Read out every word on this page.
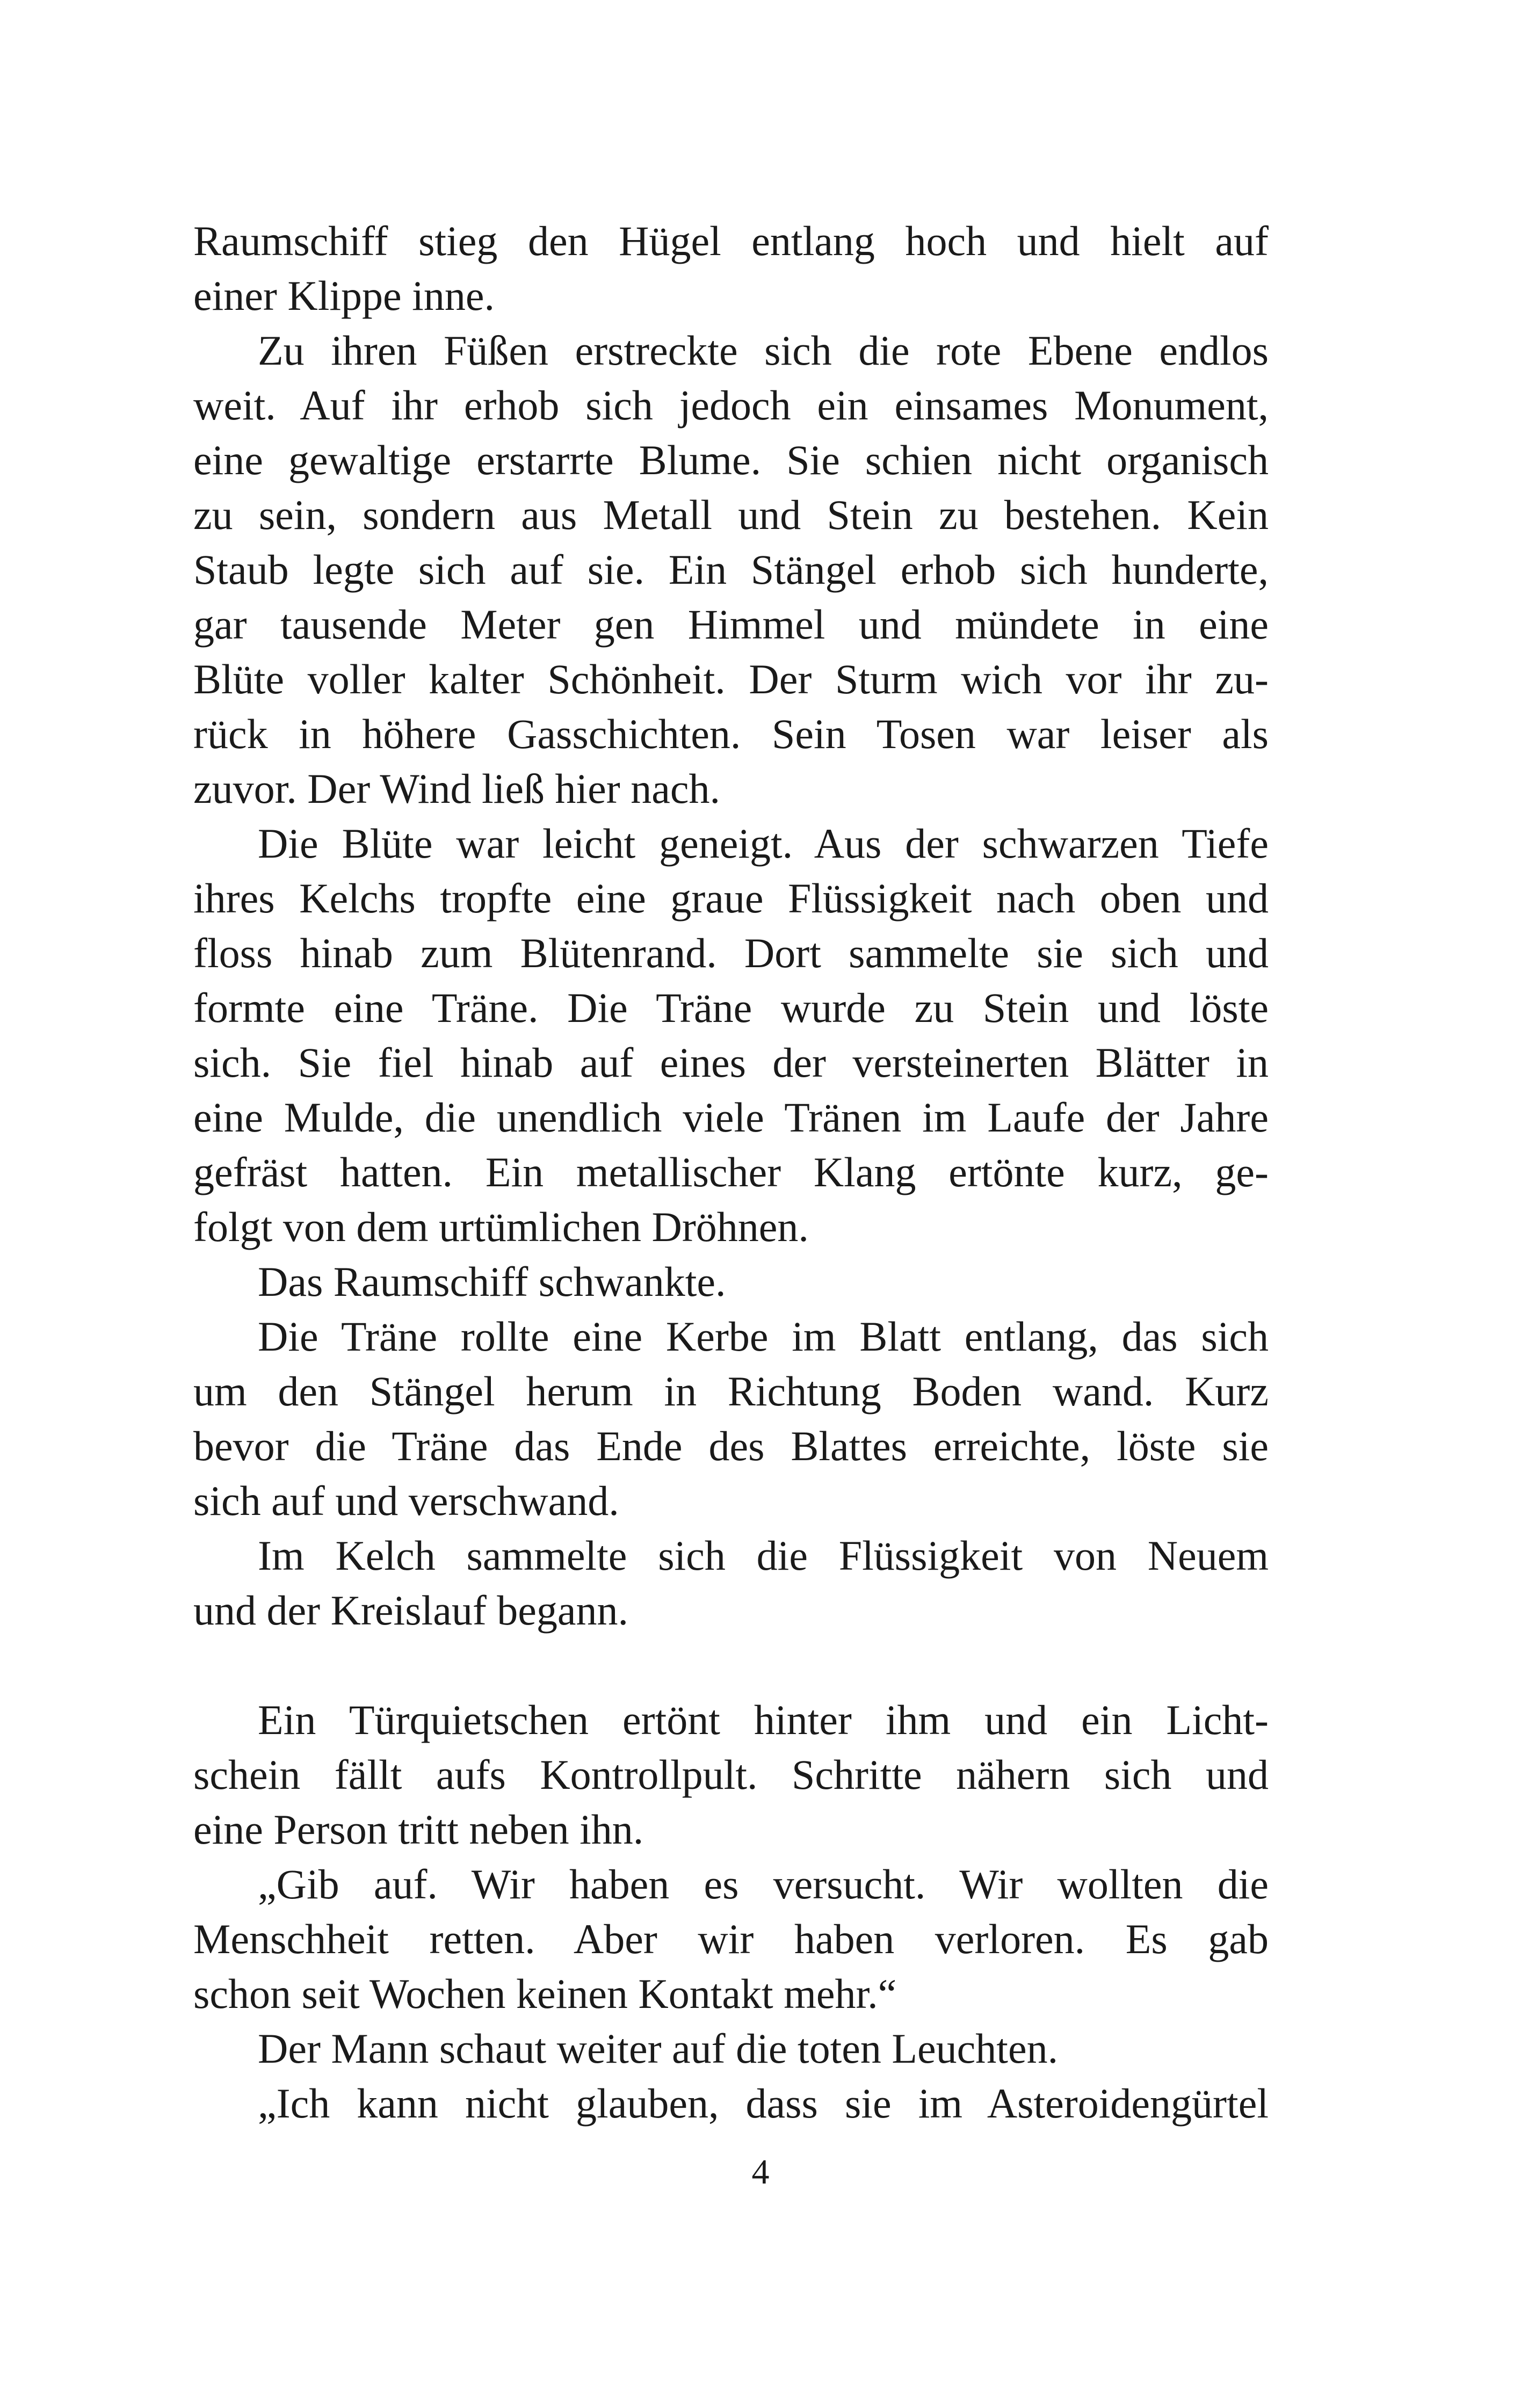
Raumschiff stieg den Hügel entlang hoch und hielt auf
einer Klippe inne.
Zu ihren Füßen erstreckte sich die rote Ebene endlos
weit. Auf ihr erhob sich jedoch ein einsames Monument,
eine gewaltige erstarrte Blume. Sie schien nicht organisch
zu sein, sondern aus Metall und Stein zu bestehen. Kein
Staub legte sich auf sie. Ein Stängel erhob sich hunderte,
gar tausende Meter gen Himmel und mündete in eine
Blüte voller kalter Schönheit. Der Sturm wich vor ihr zu-
rück in höhere Gasschichten. Sein Tosen war leiser als
zuvor. Der Wind ließ hier nach.
Die Blüte war leicht geneigt. Aus der schwarzen Tiefe
ihres Kelchs tropfte eine graue Flüssigkeit nach oben und
floss hinab zum Blütenrand. Dort sammelte sie sich und
formte eine Träne. Die Träne wurde zu Stein und löste
sich. Sie fiel hinab auf eines der versteinerten Blätter in
eine Mulde, die unendlich viele Tränen im Laufe der Jahre
gefräst hatten. Ein metallischer Klang ertönte kurz, ge-
folgt von dem urtümlichen Dröhnen.
Das Raumschiff schwankte.
Die Träne rollte eine Kerbe im Blatt entlang, das sich
um den Stängel herum in Richtung Boden wand. Kurz
bevor die Träne das Ende des Blattes erreichte, löste sie
sich auf und verschwand.
Im Kelch sammelte sich die Flüssigkeit von Neuem
und der Kreislauf begann.
Ein Türquietschen ertönt hinter ihm und ein Licht-
schein fällt aufs Kontrollpult. Schritte nähern sich und
eine Person tritt neben ihn.
„Gib auf. Wir haben es versucht. Wir wollten die
Menschheit retten. Aber wir haben verloren. Es gab
schon seit Wochen keinen Kontakt mehr.“
Der Mann schaut weiter auf die toten Leuchten.
„Ich kann nicht glauben, dass sie im Asteroidengürtel
4
